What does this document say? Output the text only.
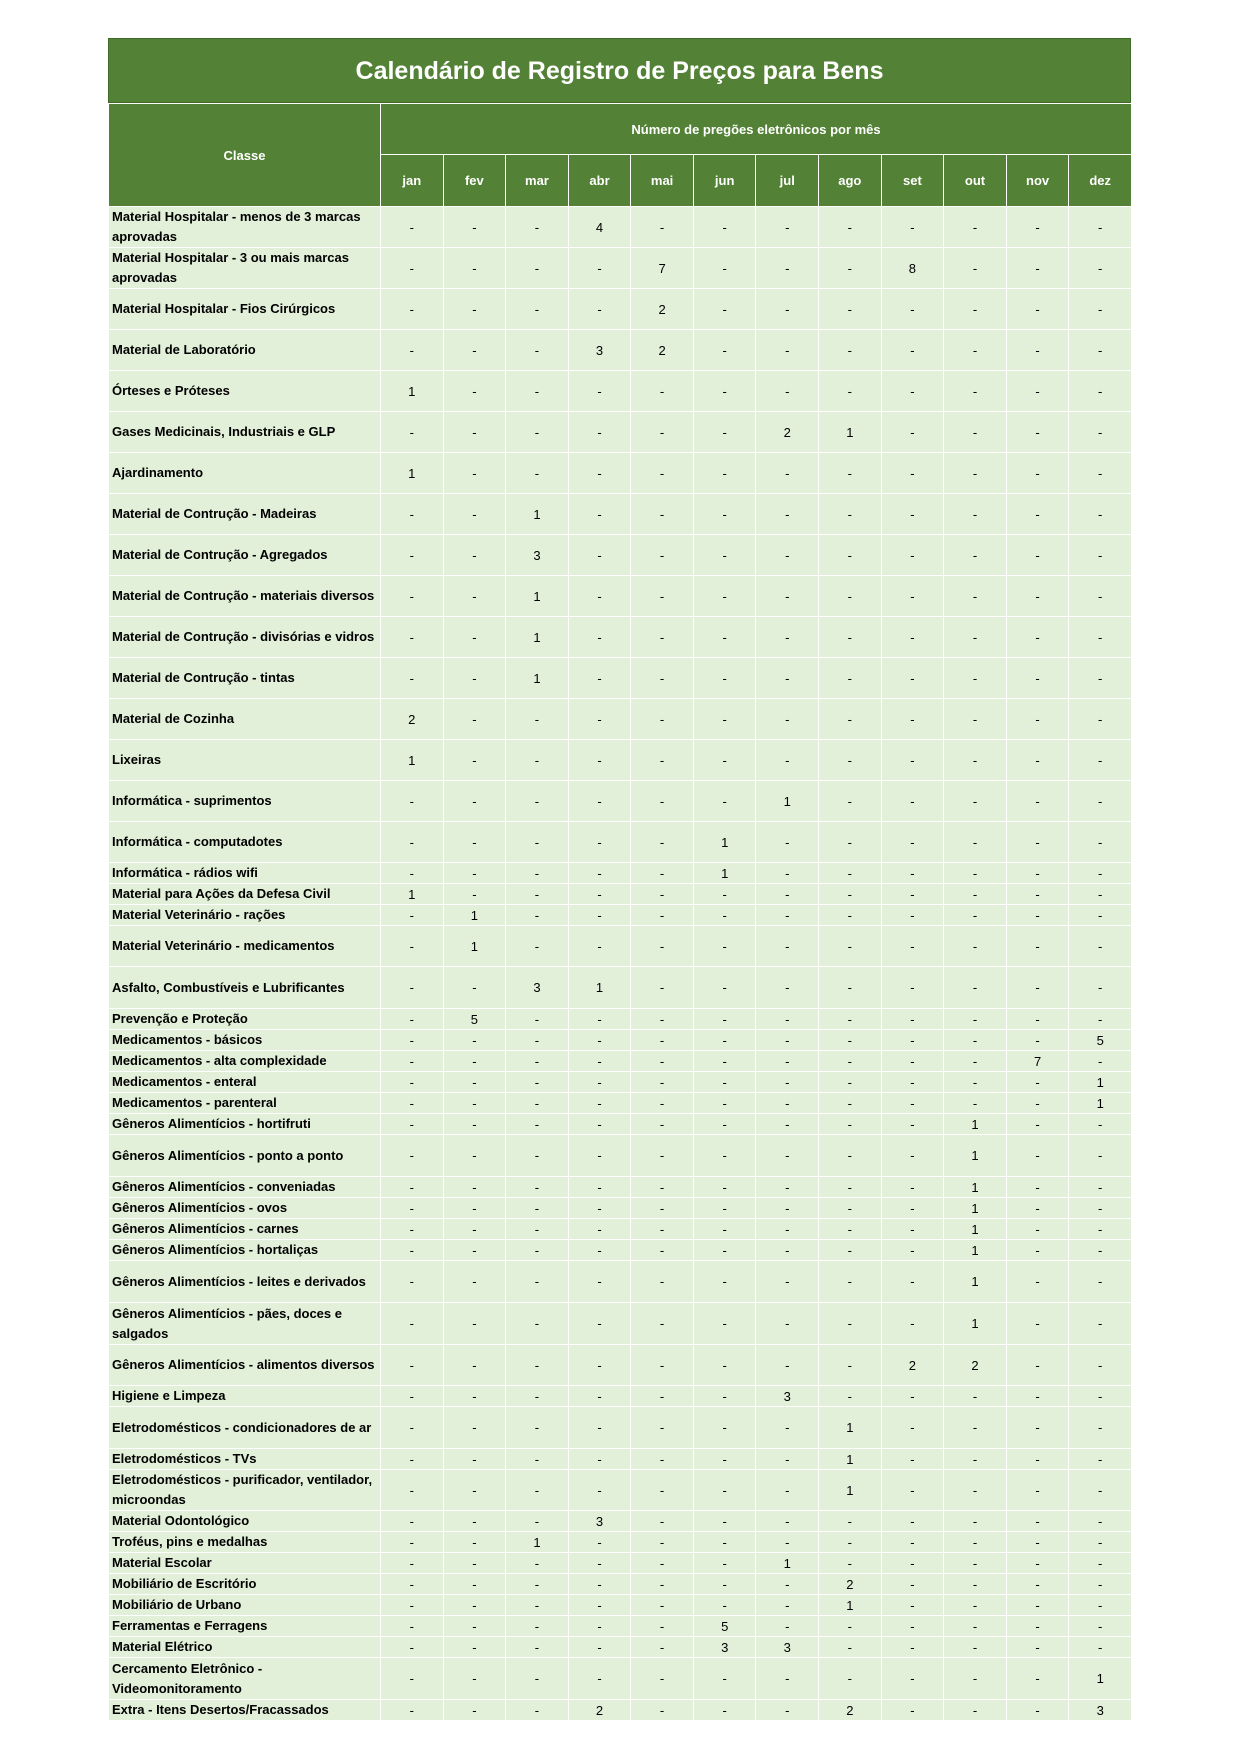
Calendário de Registro de Preços para Bens
Classe	Número de pregões eletrônicos por mês											
	jan	fev	mar	abr	mai	jun	jul	ago	set	out	nov	dez
Material Hospitalar - menos de 3 marcas aprovadas	-	-	-	4	-	-	-	-	-	-	-	-
Material Hospitalar - 3 ou mais marcas aprovadas	-	-	-	-	7	-	-	-	8	-	-	-
Material Hospitalar - Fios Cirúrgicos	-	-	-	-	2	-	-	-	-	-	-	-
Material de Laboratório	-	-	-	3	2	-	-	-	-	-	-	-
Órteses e Próteses	1	-	-	-	-	-	-	-	-	-	-	-
Gases Medicinais, Industriais e GLP	-	-	-	-	-	-	2	1	-	-	-	-
Ajardinamento	1	-	-	-	-	-	-	-	-	-	-	-
Material de Contrução - Madeiras	-	-	1	-	-	-	-	-	-	-	-	-
Material de Contrução - Agregados	-	-	3	-	-	-	-	-	-	-	-	-
Material de Contrução - materiais diversos	-	-	1	-	-	-	-	-	-	-	-	-
Material de Contrução - divisórias e vidros	-	-	1	-	-	-	-	-	-	-	-	-
Material de Contrução - tintas	-	-	1	-	-	-	-	-	-	-	-	-
Material de Cozinha	2	-	-	-	-	-	-	-	-	-	-	-
Lixeiras	1	-	-	-	-	-	-	-	-	-	-	-
Informática - suprimentos	-	-	-	-	-	-	1	-	-	-	-	-
Informática - computadotes	-	-	-	-	-	1	-	-	-	-	-	-
Informática - rádios wifi	-	-	-	-	-	1	-	-	-	-	-	-
Material para Ações da Defesa Civil	1	-	-	-	-	-	-	-	-	-	-	-
Material Veterinário - rações	-	1	-	-	-	-	-	-	-	-	-	-
Material Veterinário - medicamentos	-	1	-	-	-	-	-	-	-	-	-	-
Asfalto, Combustíveis e Lubrificantes	-	-	3	1	-	-	-	-	-	-	-	-
Prevenção e Proteção	-	5	-	-	-	-	-	-	-	-	-	-
Medicamentos - básicos	-	-	-	-	-	-	-	-	-	-	-	5
Medicamentos - alta complexidade	-	-	-	-	-	-	-	-	-	-	7	-
Medicamentos - enteral	-	-	-	-	-	-	-	-	-	-	-	1
Medicamentos - parenteral	-	-	-	-	-	-	-	-	-	-	-	1
Gêneros Alimentícios - hortifruti	-	-	-	-	-	-	-	-	-	1	-	-
Gêneros Alimentícios - ponto a ponto	-	-	-	-	-	-	-	-	-	1	-	-
Gêneros Alimentícios - conveniadas	-	-	-	-	-	-	-	-	-	1	-	-
Gêneros Alimentícios - ovos	-	-	-	-	-	-	-	-	-	1	-	-
Gêneros Alimentícios - carnes	-	-	-	-	-	-	-	-	-	1	-	-
Gêneros Alimentícios - hortaliças	-	-	-	-	-	-	-	-	-	1	-	-
Gêneros Alimentícios - leites e derivados	-	-	-	-	-	-	-	-	-	1	-	-
Gêneros Alimentícios - pães, doces e salgados	-	-	-	-	-	-	-	-	-	1	-	-
Gêneros Alimentícios - alimentos diversos	-	-	-	-	-	-	-	-	2	2	-	-
Higiene e Limpeza	-	-	-	-	-	-	3	-	-	-	-	-
Eletrodomésticos - condicionadores de ar	-	-	-	-	-	-	-	1	-	-	-	-
Eletrodomésticos - TVs	-	-	-	-	-	-	-	1	-	-	-	-
Eletrodomésticos - purificador, ventilador, microondas	-	-	-	-	-	-	-	1	-	-	-	-
Material Odontológico	-	-	-	3	-	-	-	-	-	-	-	-
Troféus, pins e medalhas	-	-	1	-	-	-	-	-	-	-	-	-
Material Escolar	-	-	-	-	-	-	1	-	-	-	-	-
Mobiliário de Escritório	-	-	-	-	-	-	-	2	-	-	-	-
Mobiliário de Urbano	-	-	-	-	-	-	-	1	-	-	-	-
Ferramentas e Ferragens	-	-	-	-	-	5	-	-	-	-	-	-
Material Elétrico	-	-	-	-	-	3	3	-	-	-	-	-
Cercamento Eletrônico - Videomonitoramento	-	-	-	-	-	-	-	-	-	-	-	1
Extra - Itens Desertos/Fracassados	-	-	-	2	-	-	-	2	-	-	-	3
